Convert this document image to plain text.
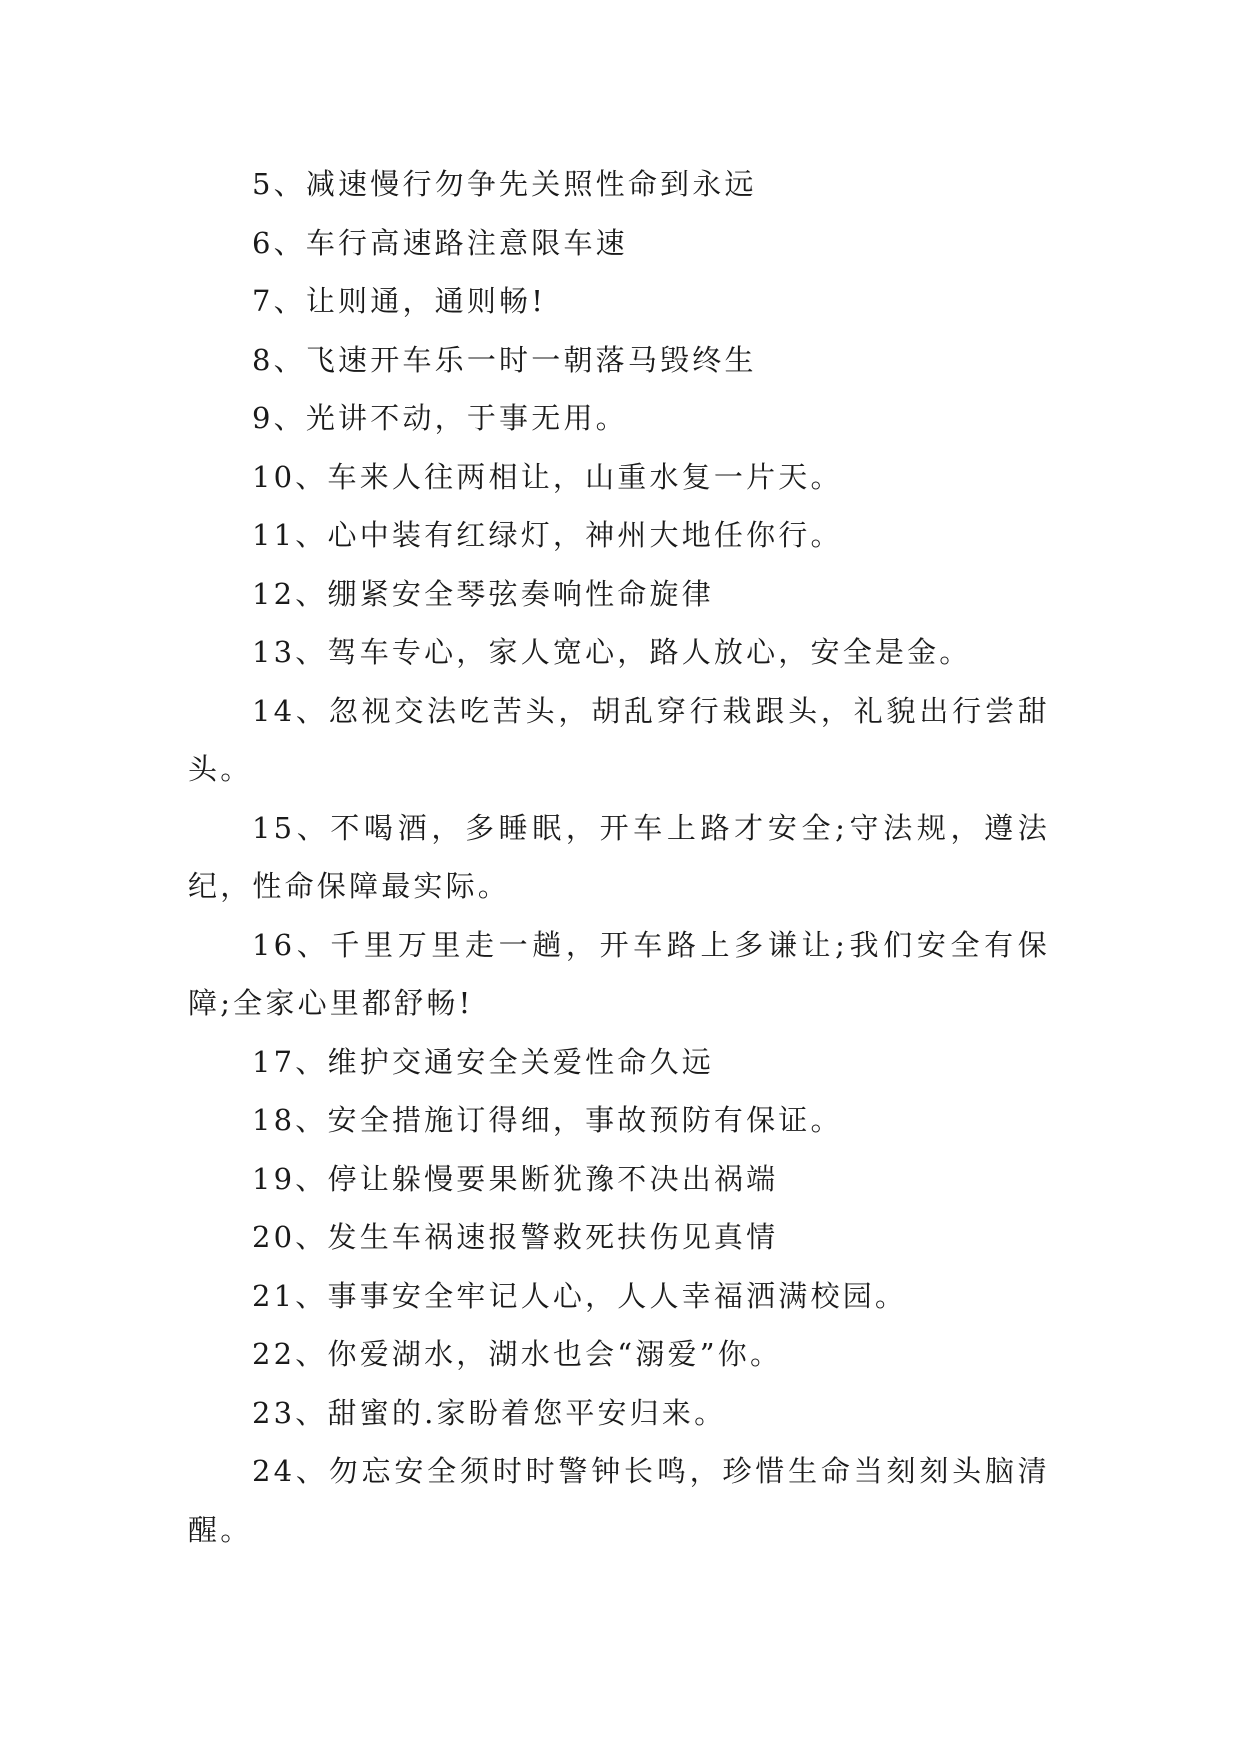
5、减速慢行勿争先关照性命到永远

6、车行高速路注意限车速

7、让则通，通则畅!

8、飞速开车乐一时一朝落马毁终生

9、光讲不动，于事无用。

10、车来人往两相让，山重水复一片天。

11、心中装有红绿灯，神州大地任你行。

12、绷紧安全琴弦奏响性命旋律

13、驾车专心，家人宽心，路人放心，安全是金。

14、忽视交法吃苦头，胡乱穿行栽跟头，礼貌出行尝甜头。

15、不喝酒，多睡眠，开车上路才安全;守法规，遵法纪，性命保障最实际。

16、千里万里走一趟，开车路上多谦让;我们安全有保障;全家心里都舒畅!

17、维护交通安全关爱性命久远

18、安全措施订得细，事故预防有保证。

19、停让躲慢要果断犹豫不决出祸端

20、发生车祸速报警救死扶伤见真情

21、事事安全牢记人心，人人幸福洒满校园。

22、你爱湖水，湖水也会“溺爱”你。

23、甜蜜的.家盼着您平安归来。

24、勿忘安全须时时警钟长鸣，珍惜生命当刻刻头脑清醒。
